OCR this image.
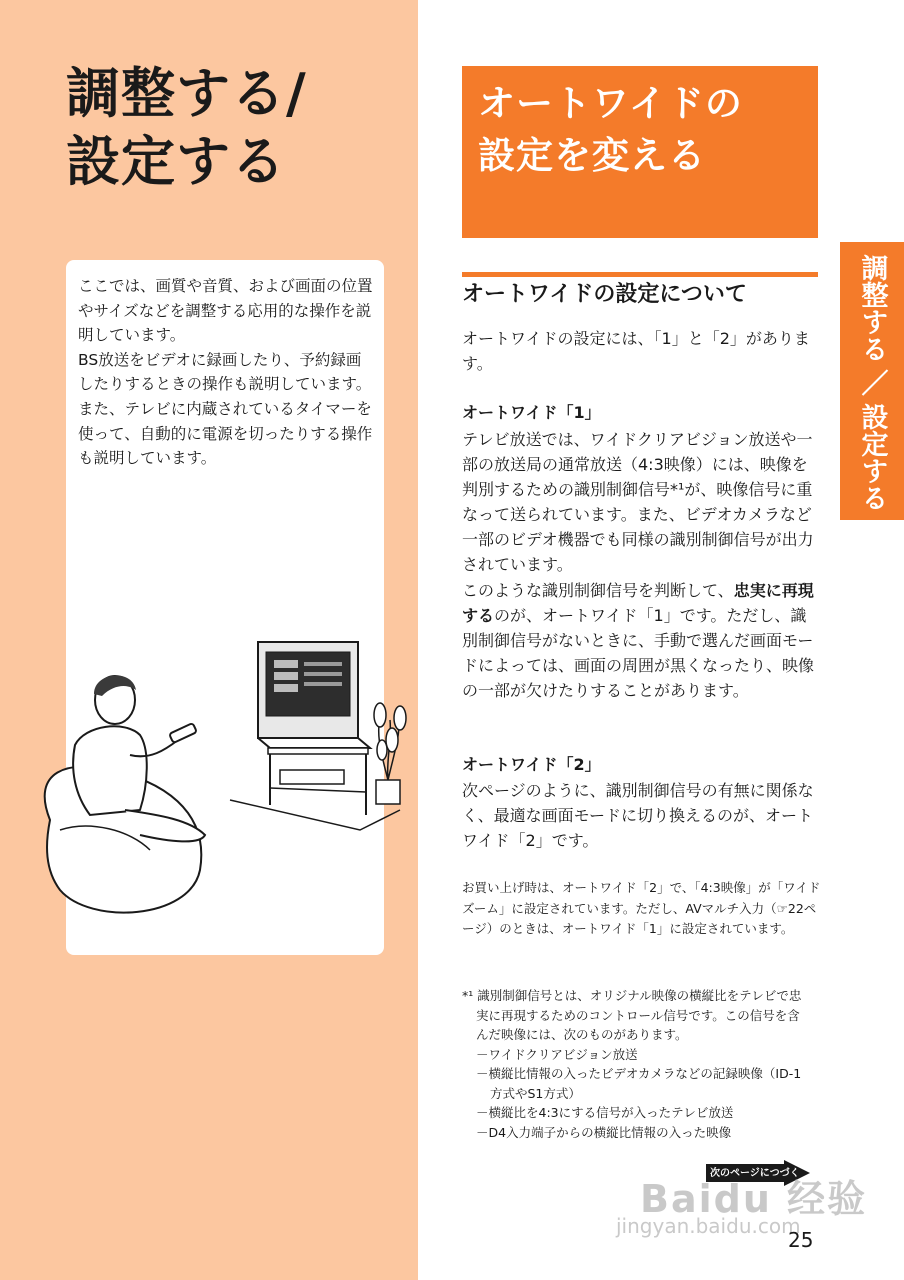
調整する/
設定する

ここでは、画質や音質、および画面の位置やサイズなどを調整する応用的な操作を説明しています。

BS放送をビデオに録画したり、予約録画したりするときの操作も説明しています。

また、テレビに内蔵されているタイマーを使って、自動的に電源を切ったりする操作も説明しています。

オートワイドの
設定を変える
調整する ／ 設定する
オートワイドの設定について

オートワイドの設定には、「1」と「2」がありま す。

オートワイド「1」

テレビ放送では、ワイドクリアビジョン放送や一部の放送局の通常放送（4:3映像）には、映像を判別するための識別制御信号*¹が、映像信号に重なって送られています。また、ビデオカメラなど一部のビデオ機器でも同様の識別制御信号が出力されています。

このような識別制御信号を判断して、忠実に再現するのが、オートワイド「1」です。ただし、識別制御信号がないときに、手動で選んだ画面モードによっては、画面の周囲が黒くなったり、映像の一部が欠けたりすることがあります。

オートワイド「2」

次ページのように、識別制御信号の有無に関係なく、最適な画面モードに切り換えるのが、オートワイド「2」です。

お買い上げ時は、オートワイド「2」で、「4:3映像」が「ワイドズーム」に設定されています。ただし、AVマルチ入力（☞22ページ）のときは、オートワイド「1」に設定されています。

*¹ 識別制御信号とは、オリジナル映像の横縦比をテレビで忠

実に再現するためのコントロール信号です。この信号を含

んだ映像には、次のものがあります。

－ワイドクリアビジョン放送

－横縦比情報の入ったビデオカメラなどの記録映像（ID-1

方式やS1方式）

－横縦比を4:3にする信号が入ったテレビ放送

－D4入力端子からの横縦比情報の入った映像

次のページにつづく
Baidu 经验
jingyan.baidu.com
25
